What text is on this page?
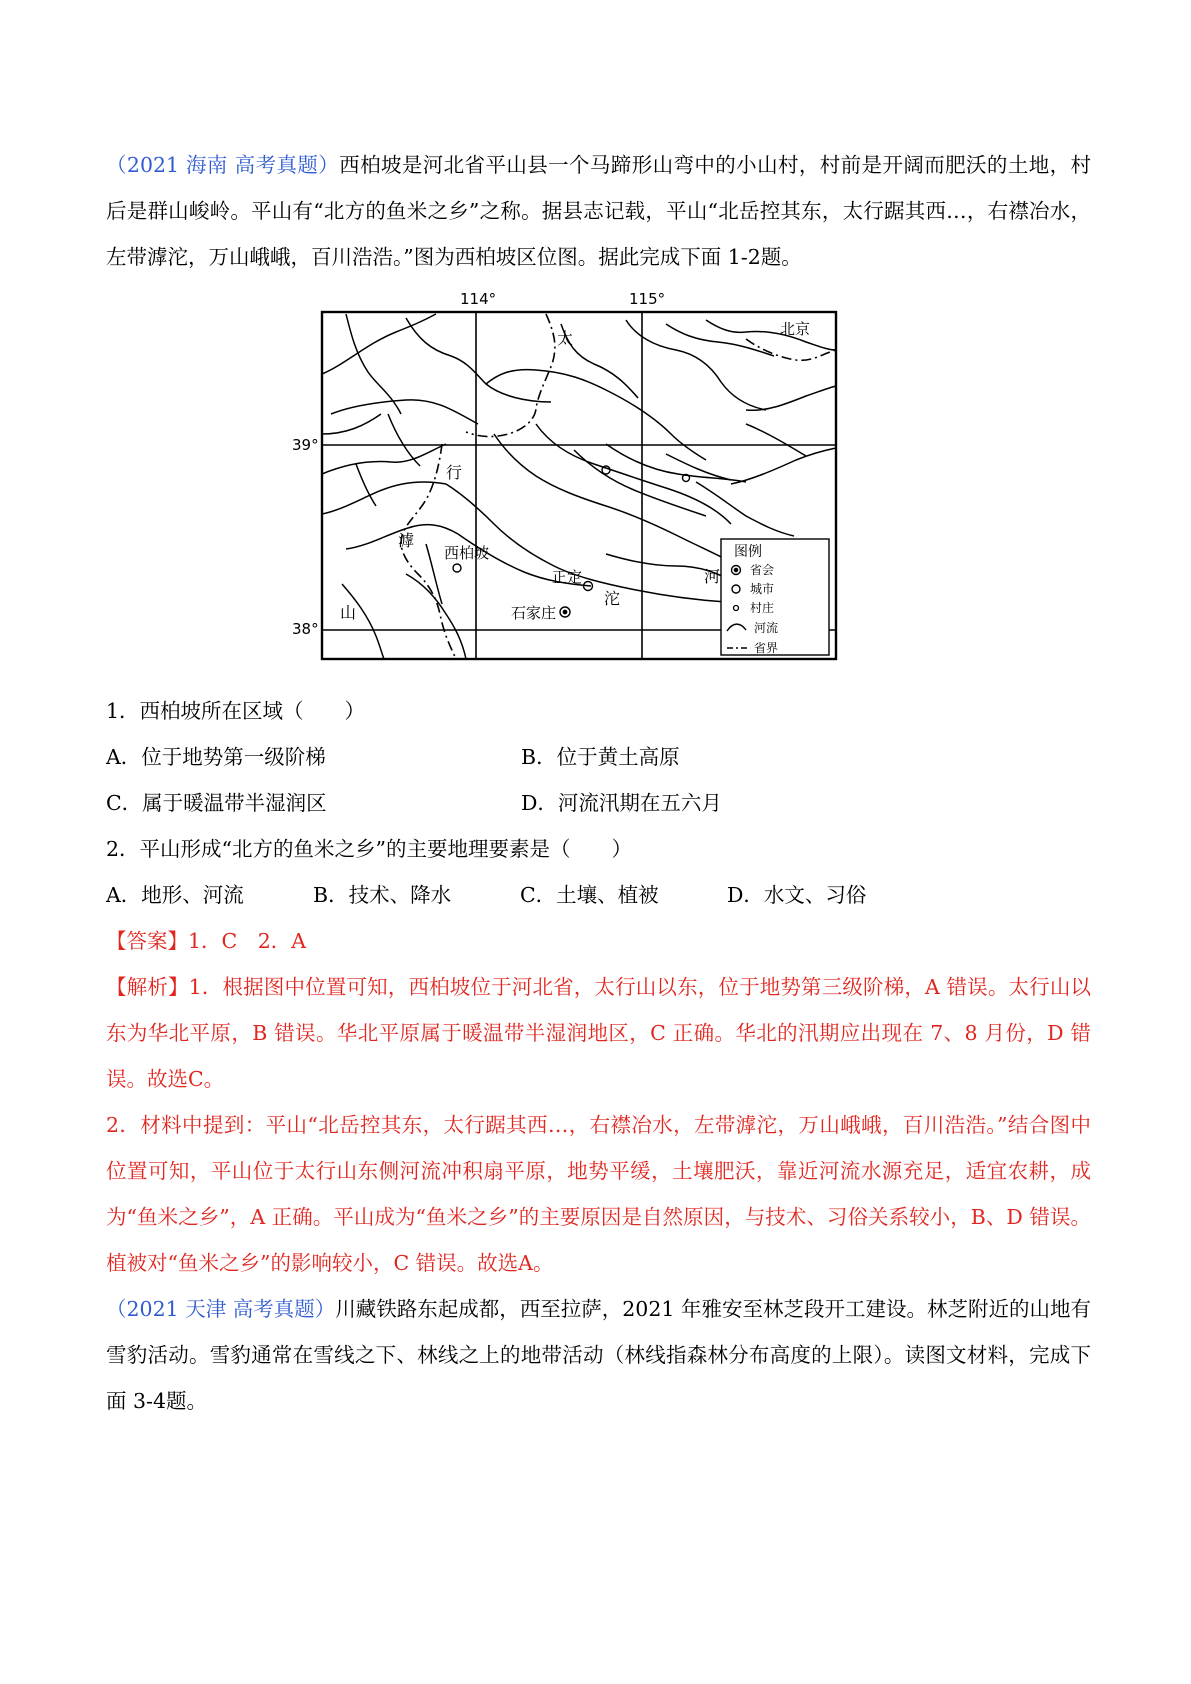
（2021 海南 高考真题）西柏坡是河北省平山县一个马蹄形山弯中的小山村，村前是开阔而肥沃的土地，村后是群山峻岭。平山有“北方的鱼米之乡”之称。据县志记载，平山“北岳控其东，太行踞其西…，右襟冶水，左带滹沱，万山峨峨，百川浩浩。”图为西柏坡区位图。据此完成下面 1-2题。

114°	115°
39°
38°
北京
西柏坡
正定
石家庄
太
行
山
滹
沱
河
图例
省会
城市
村庄
河流
省界

1．西柏坡所在区域（　　）

A．位于地势第一级阶梯	B．位于黄土高原
C．属于暖温带半湿润区	D．河流汛期在五六月

2．平山形成“北方的鱼米之乡”的主要地理要素是（　　）

A．地形、河流	B．技术、降水	C．土壤、植被	D．水文、习俗

【答案】1．C　2．A

【解析】1．根据图中位置可知，西柏坡位于河北省，太行山以东，位于地势第三级阶梯，A 错误。太行山以东为华北平原，B 错误。华北平原属于暖温带半湿润地区，C 正确。华北的汛期应出现在 7、8 月份，D 错误。故选C。

2．材料中提到：平山“北岳控其东，太行踞其西…，右襟冶水，左带滹沱，万山峨峨，百川浩浩。”结合图中位置可知，平山位于太行山东侧河流冲积扇平原，地势平缓，土壤肥沃，靠近河流水源充足，适宜农耕，成为“鱼米之乡”，A 正确。平山成为“鱼米之乡”的主要原因是自然原因，与技术、习俗关系较小，B、D 错误。植被对“鱼米之乡”的影响较小，C 错误。故选A。

（2021 天津 高考真题）川藏铁路东起成都，西至拉萨，2021 年雅安至林芝段开工建设。林芝附近的山地有雪豹活动。雪豹通常在雪线之下、林线之上的地带活动（林线指森林分布高度的上限）。读图文材料，完成下面 3-4题。
